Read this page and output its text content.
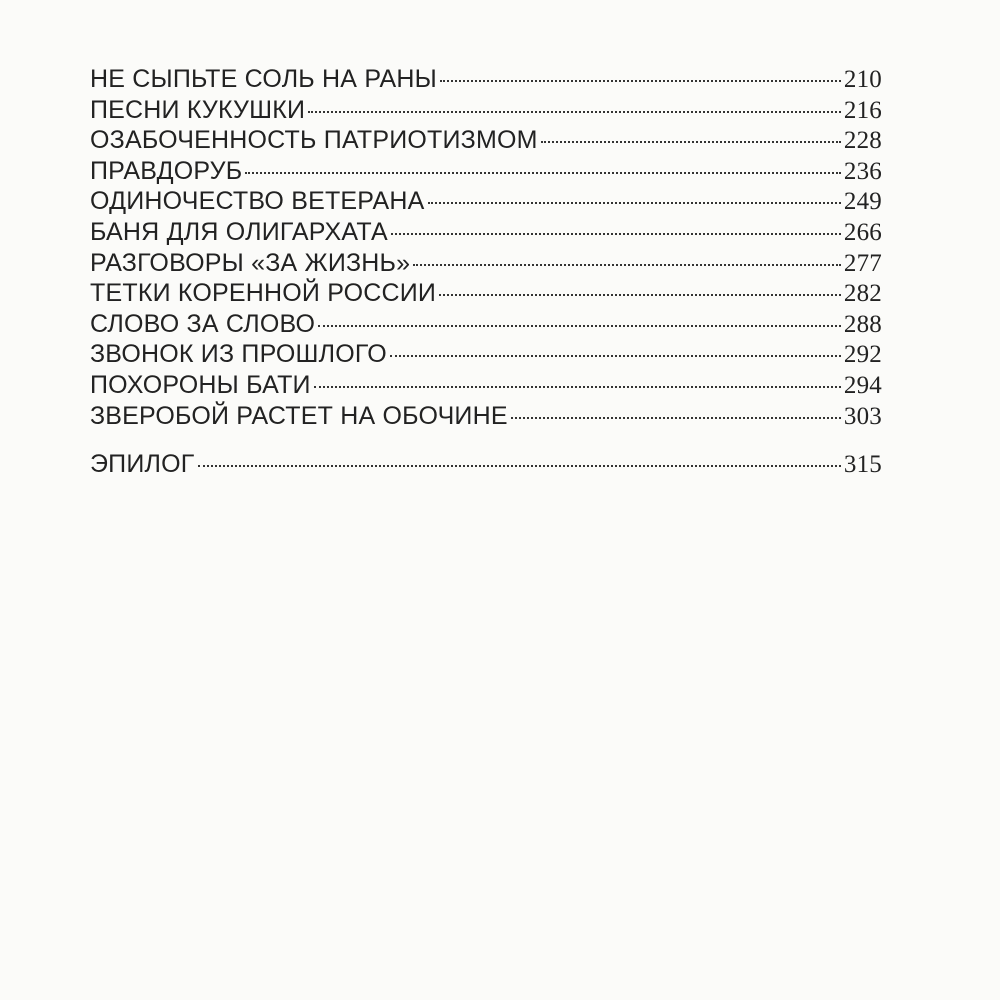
НЕ СЫПЬТЕ СОЛЬ НА РАНЫ	210
ПЕСНИ КУКУШКИ	216
ОЗАБОЧЕННОСТЬ ПАТРИОТИЗМОМ	228
ПРАВДОРУБ	236
ОДИНОЧЕСТВО ВЕТЕРАНА	249
БАНЯ ДЛЯ ОЛИГАРХАТА	266
РАЗГОВОРЫ «ЗА ЖИЗНЬ»	277
ТЕТКИ КОРЕННОЙ РОССИИ	282
СЛОВО ЗА СЛОВО	288
ЗВОНОК ИЗ ПРОШЛОГО	292
ПОХОРОНЫ БАТИ	294
ЗВЕРОБОЙ РАСТЕТ НА ОБОЧИНЕ	303
ЭПИЛОГ	315
